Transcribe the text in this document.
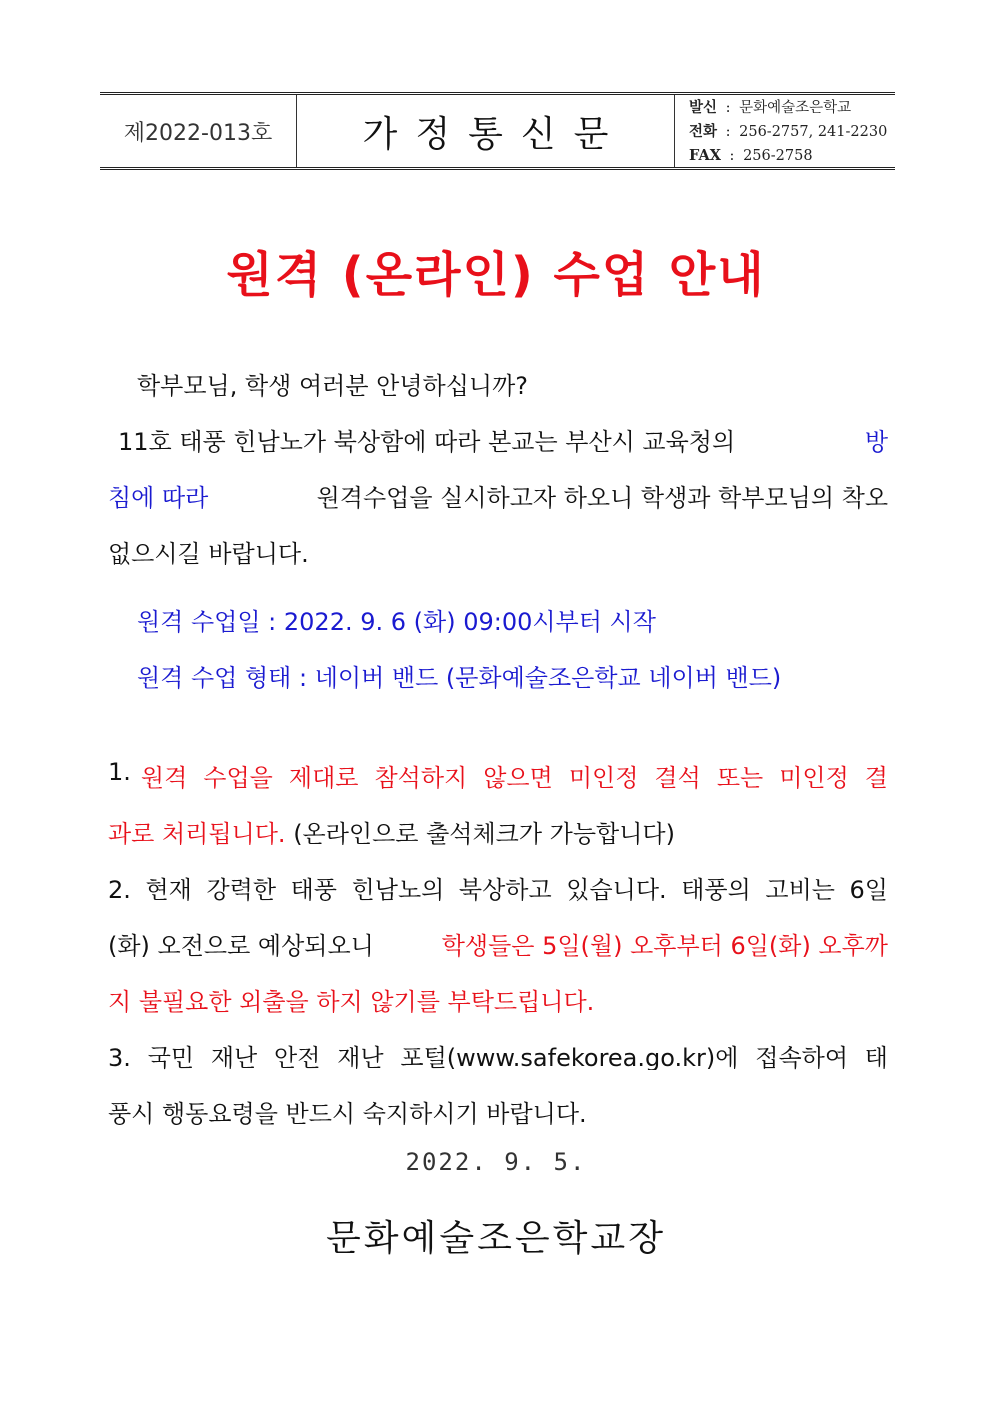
제2022-013호	가정통신문
발신 : 문화예술조은학교
전화 : 256-2757, 241-2230
FAX : 256-2758
원격 (온라인) 수업 안내
학부모님, 학생 여러분 안녕하십니까?
11호 태풍 힌남노가 북상함에 따라 본교는 부산시 교육청의	방
침에 따라	원격수업을 실시하고자 하오니 학생과 학부모님의 착오
없으시길 바랍니다.
원격 수업일 : 2022. 9. 6 (화) 09:00시부터 시작
원격 수업 형태 : 네이버 밴드 (문화예술조은학교 네이버 밴드)
1. 원격 수업을 제대로 참석하지 않으면 미인정 결석 또는 미인정 결
과로 처리됩니다. (온라인으로 출석체크가 가능합니다)
2. 현재 강력한 태풍 힌남노의 북상하고 있습니다. 태풍의 고비는 6일
(화) 오전으로 예상되오니	학생들은 5일(월) 오후부터 6일(화) 오후까
지 불필요한 외출을 하지 않기를 부탁드립니다.
3. 국민 재난 안전 재난 포털(www.safekorea.go.kr)에 접속하여 태
풍시 행동요령을 반드시 숙지하시기 바랍니다.
2022. 9. 5.
문화예술조은학교장
